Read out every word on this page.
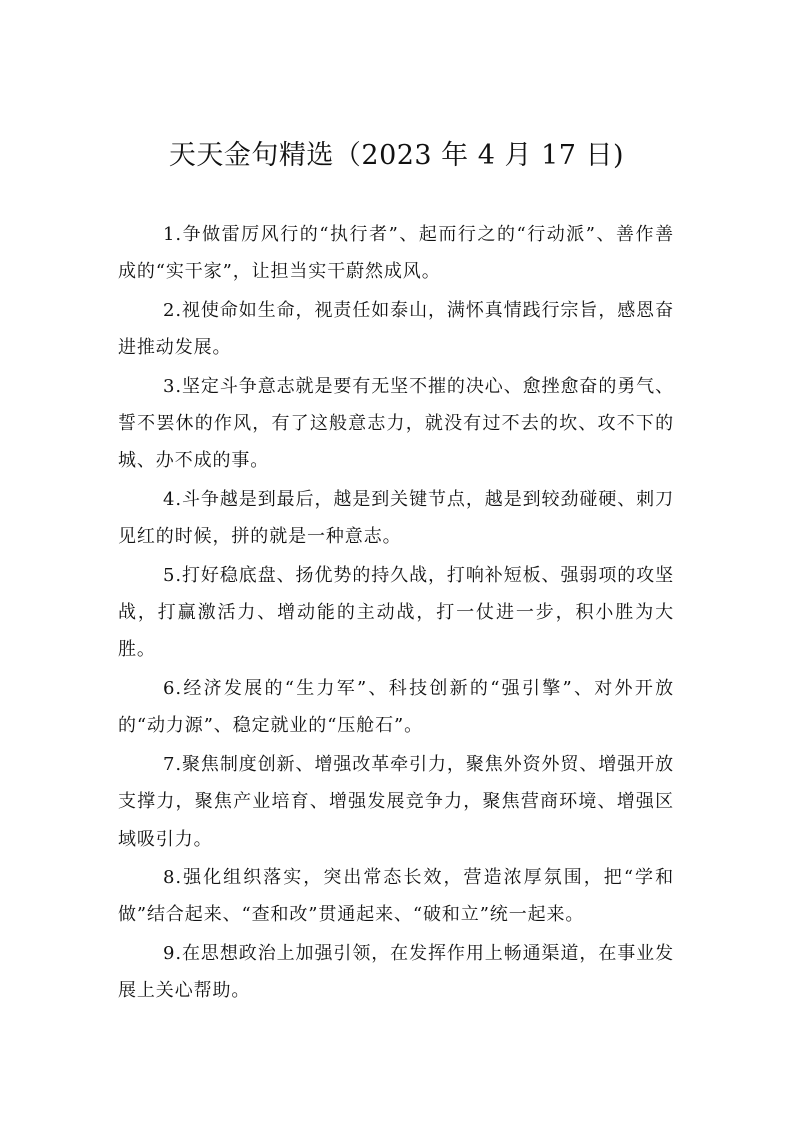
天天金句精选（2023 年 4 月 17 日)

1.争做雷厉风行的“执行者”、起而行之的“行动派”、善作善成的“实干家”，让担当实干蔚然成风。

2.视使命如生命，视责任如泰山，满怀真情践行宗旨，感恩奋进推动发展。

3.坚定斗争意志就是要有无坚不摧的决心、愈挫愈奋的勇气、誓不罢休的作风，有了这般意志力，就没有过不去的坎、攻不下的城、办不成的事。

4.斗争越是到最后，越是到关键节点，越是到较劲碰硬、刺刀见红的时候，拼的就是一种意志。

5.打好稳底盘、扬优势的持久战，打响补短板、强弱项的攻坚战，打赢激活力、增动能的主动战，打一仗进一步，积小胜为大胜。

6.经济发展的“生力军”、科技创新的“强引擎”、对外开放的“动力源”、稳定就业的“压舱石”。

7.聚焦制度创新、增强改革牵引力，聚焦外资外贸、增强开放支撑力，聚焦产业培育、增强发展竞争力，聚焦营商环境、增强区域吸引力。

8.强化组织落实，突出常态长效，营造浓厚氛围，把“学和做”结合起来、“查和改”贯通起来、“破和立”统一起来。

9.在思想政治上加强引领，在发挥作用上畅通渠道，在事业发展上关心帮助。
